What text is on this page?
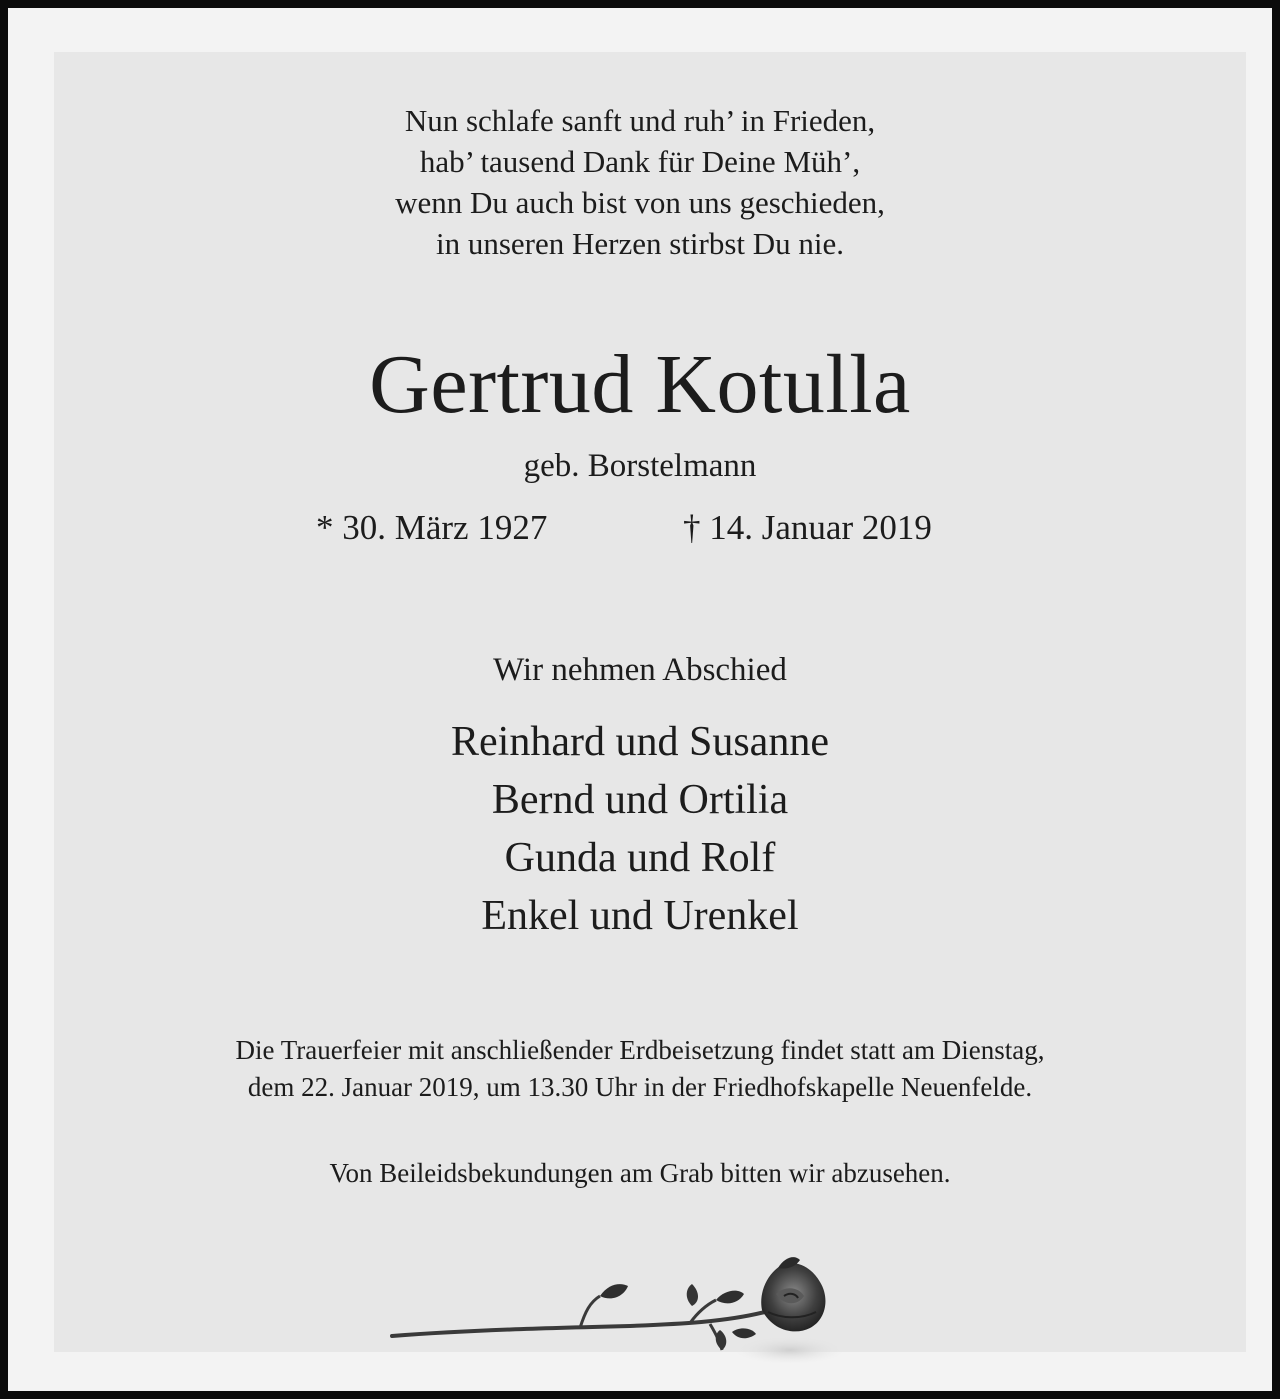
Nun schlafe sanft und ruh’ in Frieden,
hab’ tausend Dank für Deine Müh’,
wenn Du auch bist von uns geschieden,
in unseren Herzen stirbst Du nie.
Gertrud Kotulla
geb. Borstelmann
* 30. März 1927	† 14. Januar 2019
Wir nehmen Abschied
Reinhard und Susanne
Bernd und Ortilia
Gunda und Rolf
Enkel und Urenkel
Die Trauerfeier mit anschließender Erdbeisetzung findet statt am Dienstag,
dem 22. Januar 2019, um 13.30 Uhr in der Friedhofskapelle Neuenfelde.
Von Beileidsbekundungen am Grab bitten wir abzusehen.
